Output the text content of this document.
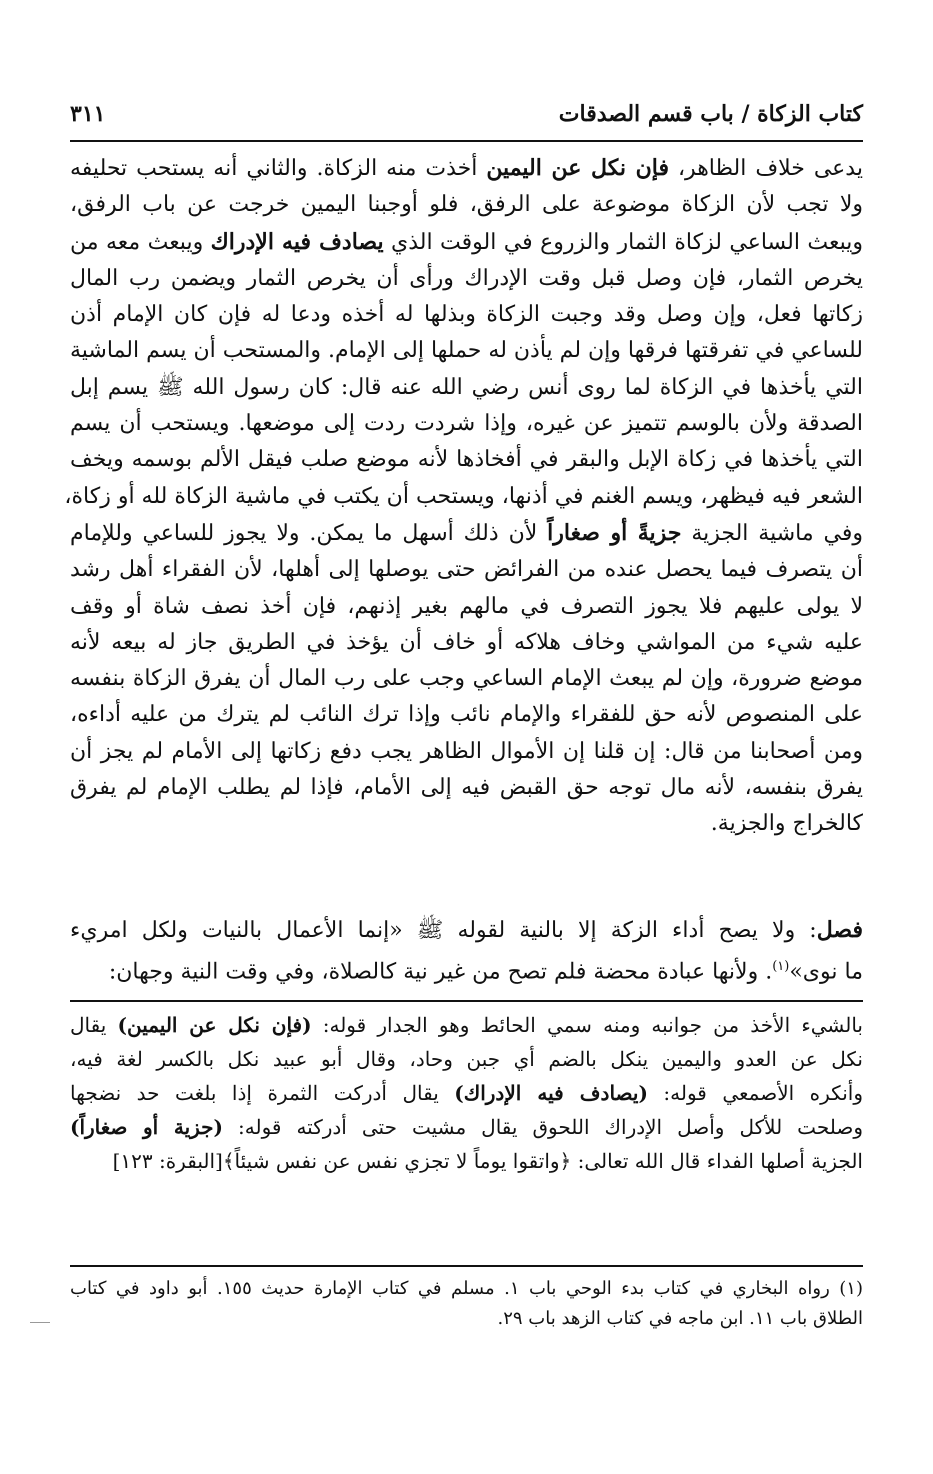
كتاب الزكاة / باب قسم الصدقات
٣١١
يدعى خلاف الظاهر، فإن نكل عن اليمين أخذت منه الزكاة. والثاني أنه يستحب تحليفه
ولا تجب لأن الزكاة موضوعة على الرفق، فلو أوجبنا اليمين خرجت عن باب الرفق،
ويبعث الساعي لزكاة الثمار والزروع في الوقت الذي يصادف فيه الإدراك ويبعث معه من
يخرص الثمار، فإن وصل قبل وقت الإدراك ورأى أن يخرص الثمار ويضمن رب المال
زكاتها فعل، وإن وصل وقد وجبت الزكاة وبذلها له أخذه ودعا له فإن كان الإمام أذن
للساعي في تفرقتها فرقها وإن لم يأذن له حملها إلى الإمام. والمستحب أن يسم الماشية
التي يأخذها في الزكاة لما روى أنس رضي الله عنه قال: كان رسول الله ﷺ يسم إبل
الصدقة ولأن بالوسم تتميز عن غيره، وإذا شردت ردت إلى موضعها. ويستحب أن يسم
التي يأخذها في زكاة الإبل والبقر في أفخاذها لأنه موضع صلب فيقل الألم بوسمه ويخف
الشعر فيه فيظهر، ويسم الغنم في أذنها، ويستحب أن يكتب في ماشية الزكاة لله أو زكاة،
وفي ماشية الجزية جزيةً أو صغاراً لأن ذلك أسهل ما يمكن. ولا يجوز للساعي وللإمام
أن يتصرف فيما يحصل عنده من الفرائض حتى يوصلها إلى أهلها، لأن الفقراء أهل رشد
لا يولى عليهم فلا يجوز التصرف في مالهم بغير إذنهم، فإن أخذ نصف شاة أو وقف
عليه شيء من المواشي وخاف هلاكه أو خاف أن يؤخذ في الطريق جاز له بيعه لأنه
موضع ضرورة، وإن لم يبعث الإمام الساعي وجب على رب المال أن يفرق الزكاة بنفسه
على المنصوص لأنه حق للفقراء والإمام نائب وإذا ترك النائب لم يترك من عليه أداءه،
ومن أصحابنا من قال: إن قلنا إن الأموال الظاهر يجب دفع زكاتها إلى الأمام لم يجز أن
يفرق بنفسه، لأنه مال توجه حق القبض فيه إلى الأمام، فإذا لم يطلب الإمام لم يفرق
كالخراج والجزية.
فصل: ولا يصح أداء الزكة إلا بالنية لقوله ﷺ «إنما الأعمال بالنيات ولكل امريء
ما نوى»$^{(١)}$. ولأنها عبادة محضة فلم تصح من غير نية كالصلاة، وفي وقت النية وجهان:
بالشيء الأخذ من جوانبه ومنه سمي الحائط وهو الجدار قوله: (فإن نكل عن اليمين) يقال
نكل عن العدو واليمين ينكل بالضم أي جبن وحاد، وقال أبو عبيد نكل بالكسر لغة فيه،
وأنكره الأصمعي قوله: (يصادف فيه الإدراك) يقال أدركت الثمرة إذا بلغت حد نضجها
وصلحت للأكل وأصل الإدراك اللحوق يقال مشيت حتى أدركته قوله: (جزية أو صغاراً)
الجزية أصلها الفداء قال الله تعالى: ﴿واتقوا يوماً لا تجزي نفس عن نفس شيئاً﴾[البقرة: ١٢٣]
(١) رواه البخاري في كتاب بدء الوحي باب ١. مسلم في كتاب الإمارة حديث ١٥٥. أبو داود في كتاب
الطلاق باب ١١. ابن ماجه في كتاب الزهد باب ٢٩.
